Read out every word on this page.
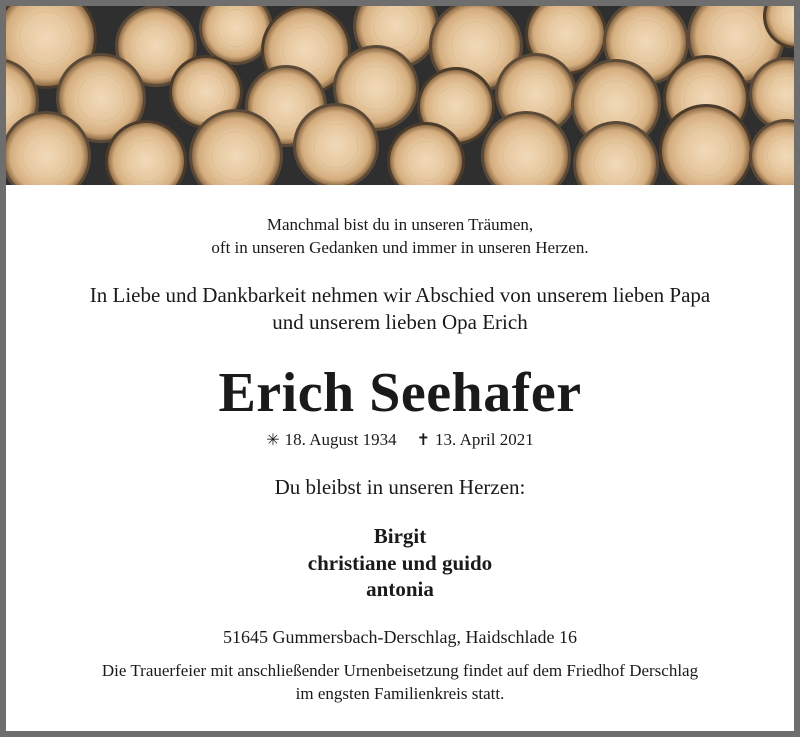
Manchmal bist du in unseren Träumen,
oft in unseren Gedanken und immer in unseren Herzen.
In Liebe und Dankbarkeit nehmen wir Abschied von unserem lieben Papa
und unserem lieben Opa Erich
Erich Seehafer
✳ 18. August 1934 ✝ 13. April 2021
Du bleibst in unseren Herzen:
Birgit
christiane und guido
antonia
51645 Gummersbach-Derschlag, Haidschlade 16
Die Trauerfeier mit anschließender Urnenbeisetzung findet auf dem Friedhof Derschlag
im engsten Familienkreis statt.
